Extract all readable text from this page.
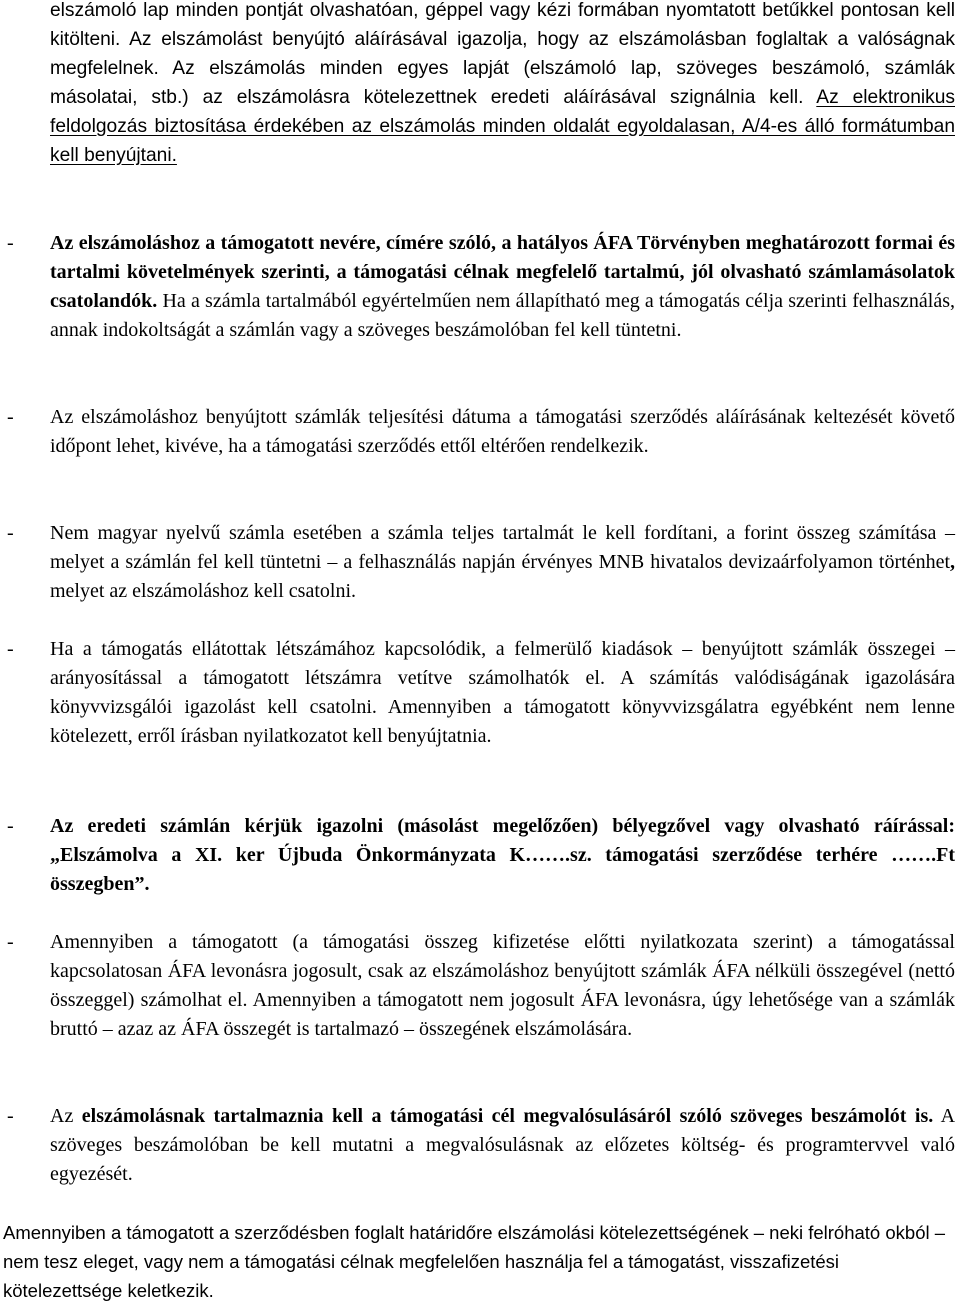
elszámoló lap minden pontját olvashatóan, géppel vagy kézi formában nyomtatott betűkkel pontosan kell kitölteni. Az elszámolást benyújtó aláírásával igazolja, hogy az elszámolásban foglaltak a valóságnak megfelelnek. Az elszámolás minden egyes lapját (elszámoló lap, szöveges beszámoló, számlák másolatai, stb.) az elszámolásra kötelezettnek eredeti aláírásával szignálnia kell. Az elektronikus feldolgozás biztosítása érdekében az elszámolás minden oldalát egyoldalasan, A/4-es álló formátumban kell benyújtani.

- Az elszámoláshoz a támogatott nevére, címére szóló, a hatályos ÁFA Törvényben meghatározott formai és tartalmi követelmények szerinti, a támogatási célnak megfelelő tartalmú, jól olvasható számlamásolatok csatolandók. Ha a számla tartalmából egyértelműen nem állapítható meg a támogatás célja szerinti felhasználás, annak indokoltságát a számlán vagy a szöveges beszámolóban fel kell tüntetni.
- Az elszámoláshoz benyújtott számlák teljesítési dátuma a támogatási szerződés aláírásának keltezését követő időpont lehet, kivéve, ha a támogatási szerződés ettől eltérően rendelkezik.
- Nem magyar nyelvű számla esetében a számla teljes tartalmát le kell fordítani, a forint összeg számítása – melyet a számlán fel kell tüntetni – a felhasználás napján érvényes MNB hivatalos devizaárfolyamon történhet, melyet az elszámoláshoz kell csatolni.
- Ha a támogatás ellátottak létszámához kapcsolódik, a felmerülő kiadások – benyújtott számlák összegei – arányosítással a támogatott létszámra vetítve számolhatók el. A számítás valódiságának igazolására könyvvizsgálói igazolást kell csatolni. Amennyiben a támogatott könyvvizsgálatra egyébként nem lenne kötelezett, erről írásban nyilatkozatot kell benyújtatnia.
- Az eredeti számlán kérjük igazolni (másolást megelőzően) bélyegzővel vagy olvasható ráírással: „Elszámolva a XI. ker Újbuda Önkormányzata K…….sz. támogatási szerződése terhére …….Ft összegben”.
- Amennyiben a támogatott (a támogatási összeg kifizetése előtti nyilatkozata szerint) a támogatással kapcsolatosan ÁFA levonásra jogosult, csak az elszámoláshoz benyújtott számlák ÁFA nélküli összegével (nettó összeggel) számolhat el. Amennyiben a támogatott nem jogosult ÁFA levonásra, úgy lehetősége van a számlák bruttó – azaz az ÁFA összegét is tartalmazó – összegének elszámolására.
- Az elszámolásnak tartalmaznia kell a támogatási cél megvalósulásáról szóló szöveges beszámolót is. A szöveges beszámolóban be kell mutatni a megvalósulásnak az előzetes költség- és programtervvel való egyezését.

Amennyiben a támogatott a szerződésben foglalt határidőre elszámolási kötelezettségének – neki felróható okból – nem tesz eleget, vagy nem a támogatási célnak megfelelően használja fel a támogatást, visszafizetési kötelezettsége keletkezik.
